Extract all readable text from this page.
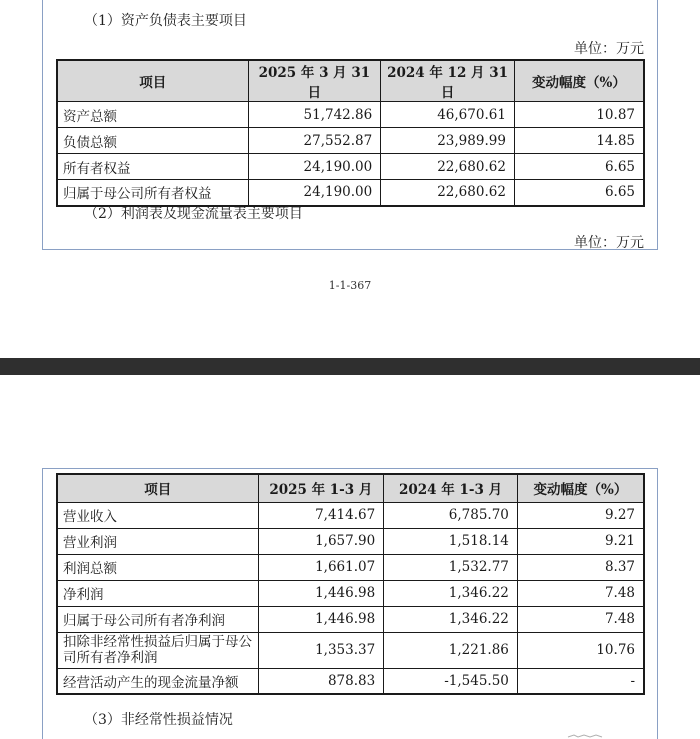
（1）资产负债表主要项目
单位：万元
项目	2025 年 3 月 31 日	2024 年 12 月 31 日	变动幅度（%）
资产总额	51,742.86	46,670.61	10.87
负债总额	27,552.87	23,989.99	14.85
所有者权益	24,190.00	22,680.62	6.65
归属于母公司所有者权益	24,190.00	22,680.62	6.65
（2）利润表及现金流量表主要项目
单位：万元
1-1-367
项目	2025 年 1-3 月	2024 年 1-3 月	变动幅度（%）
营业收入	7,414.67	6,785.70	9.27
营业利润	1,657.90	1,518.14	9.21
利润总额	1,661.07	1,532.77	8.37
净利润	1,446.98	1,346.22	7.48
归属于母公司所有者净利润	1,446.98	1,346.22	7.48
扣除非经常性损益后归属于母公司所有者净利润	1,353.37	1,221.86	10.76
经营活动产生的现金流量净额	878.83	-1,545.50	-
（3）非经常性损益情况
